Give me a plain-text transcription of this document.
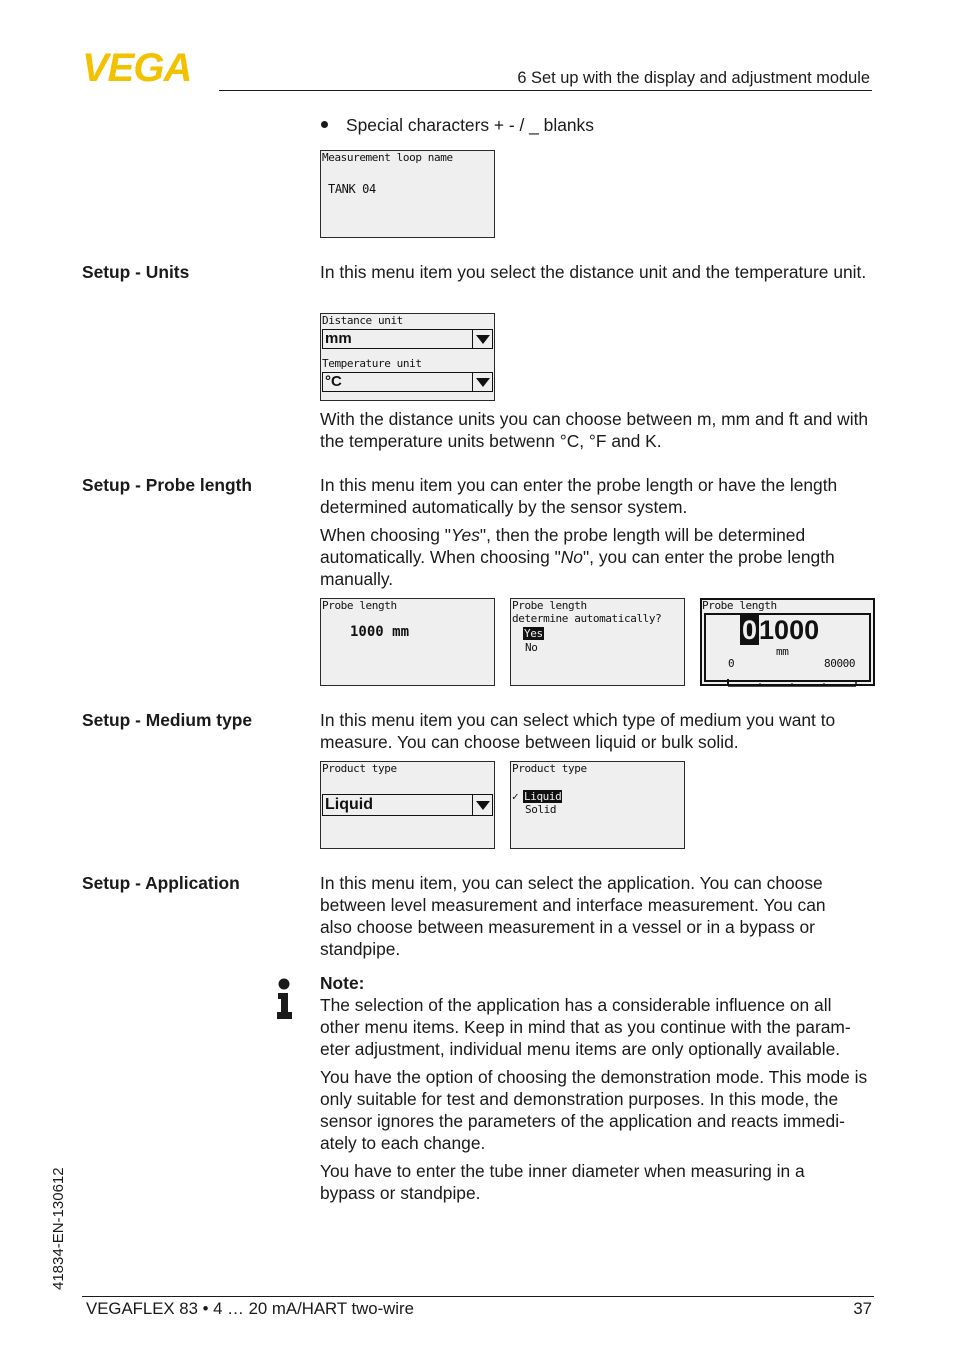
VEGA	6 Set up with the display and adjustment module
Special characters + - / _ blanks
Measurement loop name
TANK 04
Setup - Units	In this menu item you select the distance unit and the temperature unit.
Distance unit
mm
Temperature unit
°C
With the distance units you can choose between m, mm and ft and with the temperature units betwenn °C, °F and K.
Setup - Probe length	In this menu item you can enter the probe length or have the length determined automatically by the sensor system.
When choosing "Yes", then the probe length will be determined automatically. When choosing "No", you can enter the probe length manually.
Probe length
1000 mm
Probe length
determine automatically?
Yes
No
Probe length
01000
mm
0	80000
Setup - Medium type	In this menu item you can select which type of medium you want to measure. You can choose between liquid or bulk solid.
Product type
Liquid
Product type
✓ Liquid
Solid
Setup - Application	In this menu item, you can select the application. You can choose between level measurement and interface measurement. You can also choose between measurement in a vessel or in a bypass or standpipe.
Note:
The selection of the application has a considerable influence on all other menu items. Keep in mind that as you continue with the param-eter adjustment, individual menu items are only optionally available.
You have the option of choosing the demonstration mode. This mode is only suitable for test and demonstration purposes. In this mode, the sensor ignores the parameters of the application and reacts immedi-ately to each change.
You have to enter the tube inner diameter when measuring in a bypass or standpipe.
41834-EN-130612
VEGAFLEX 83 • 4 … 20 mA/HART two-wire	37
